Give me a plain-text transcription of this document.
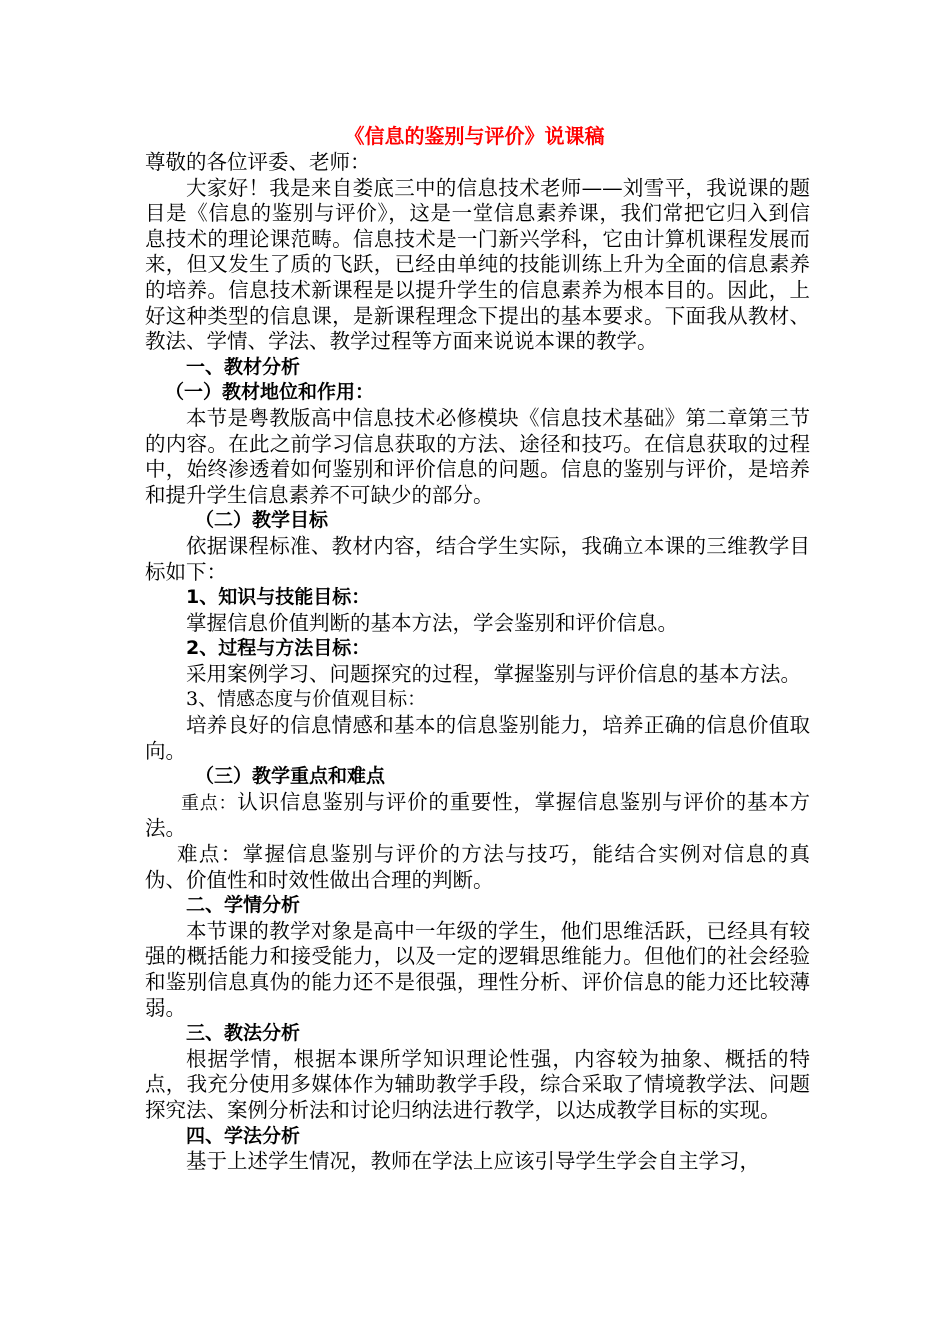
《信息的鉴别与评价》说课稿

尊敬的各位评委、老师：

大家好！我是来自娄底三中的信息技术老师——刘雪平，我说课的题目是《信息的鉴别与评价》，这是一堂信息素养课，我们常把它归入到信息技术的理论课范畴。信息技术是一门新兴学科，它由计算机课程发展而来，但又发生了质的飞跃，已经由单纯的技能训练上升为全面的信息素养的培养。信息技术新课程是以提升学生的信息素养为根本目的。因此，上好这种类型的信息课，是新课程理念下提出的基本要求。下面我从教材、教法、学情、学法、教学过程等方面来说说本课的教学。

一、教材分析
（一）教材地位和作用：

本节是粤教版高中信息技术必修模块《信息技术基础》第二章第三节的内容。在此之前学习信息获取的方法、途径和技巧。在信息获取的过程中，始终渗透着如何鉴别和评价信息的问题。信息的鉴别与评价，是培养和提升学生信息素养不可缺少的部分。

（二）教学目标

依据课程标准、教材内容，结合学生实际，我确立本课的三维教学目标如下：

1、知识与技能目标：

掌握信息价值判断的基本方法，学会鉴别和评价信息。

2、过程与方法目标：

采用案例学习、问题探究的过程，掌握鉴别与评价信息的基本方法。

3、情感态度与价值观目标：

培养良好的信息情感和基本的信息鉴别能力，培养正确的信息价值取向。

（三）教学重点和难点

重点：认识信息鉴别与评价的重要性，掌握信息鉴别与评价的基本方法。

难点：掌握信息鉴别与评价的方法与技巧，能结合实例对信息的真伪、价值性和时效性做出合理的判断。

二、学情分析

本节课的教学对象是高中一年级的学生，他们思维活跃，已经具有较强的概括能力和接受能力，以及一定的逻辑思维能力。但他们的社会经验和鉴别信息真伪的能力还不是很强，理性分析、评价信息的能力还比较薄弱。

三、教法分析

根据学情，根据本课所学知识理论性强，内容较为抽象、概括的特点，我充分使用多媒体作为辅助教学手段，综合采取了情境教学法、问题探究法、案例分析法和讨论归纳法进行教学，以达成教学目标的实现。

四、学法分析

基于上述学生情况，教师在学法上应该引导学生学会自主学习，
